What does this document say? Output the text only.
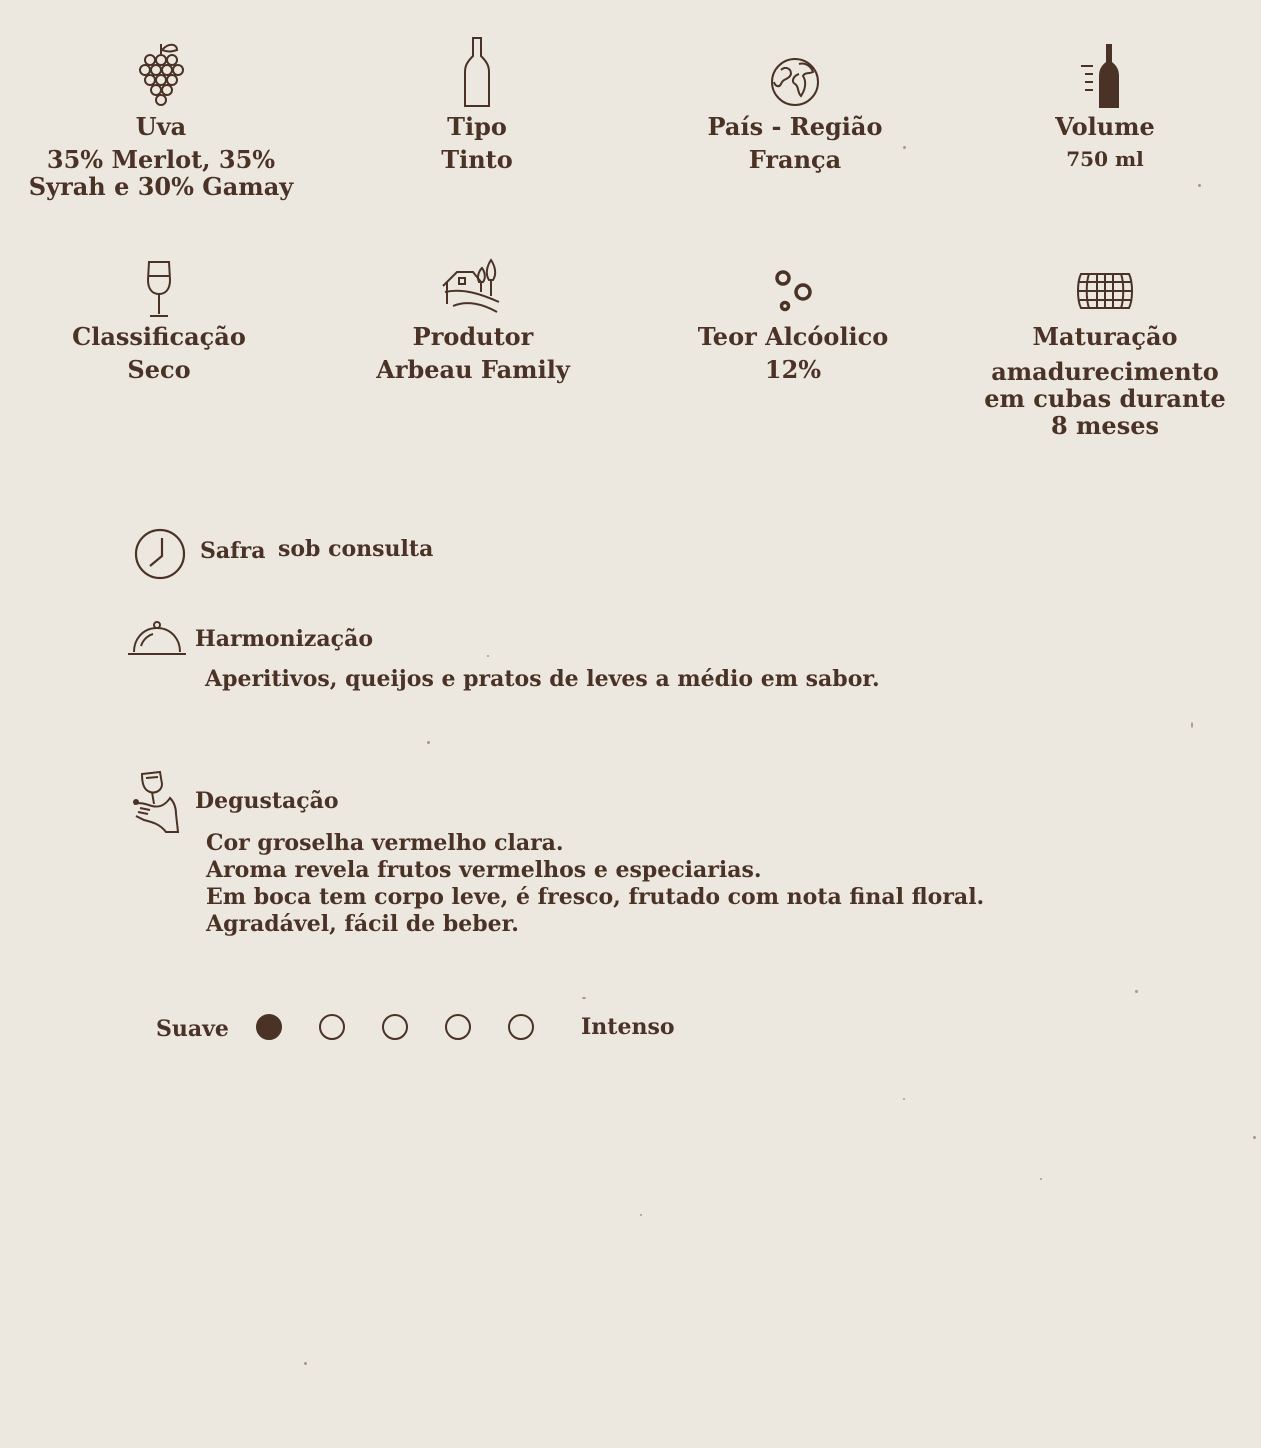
Uva
35% Merlot, 35% Syrah e 30% Gamay
Tipo
Tinto
País - Região
França
Volume
750 ml
Classificação
Seco
Produtor
Arbeau Family
Teor Alcóolico
12%
Maturação
amadurecimento em cubas durante 8 meses
Safra sob consulta
Harmonização
Aperitivos, queijos e pratos de leves a médio em sabor.
Degustação
Cor groselha vermelho clara.
Aroma revela frutos vermelhos e especiarias.
Em boca tem corpo leve, é fresco, frutado com nota final floral.
Agradável, fácil de beber.
Suave	Intenso
